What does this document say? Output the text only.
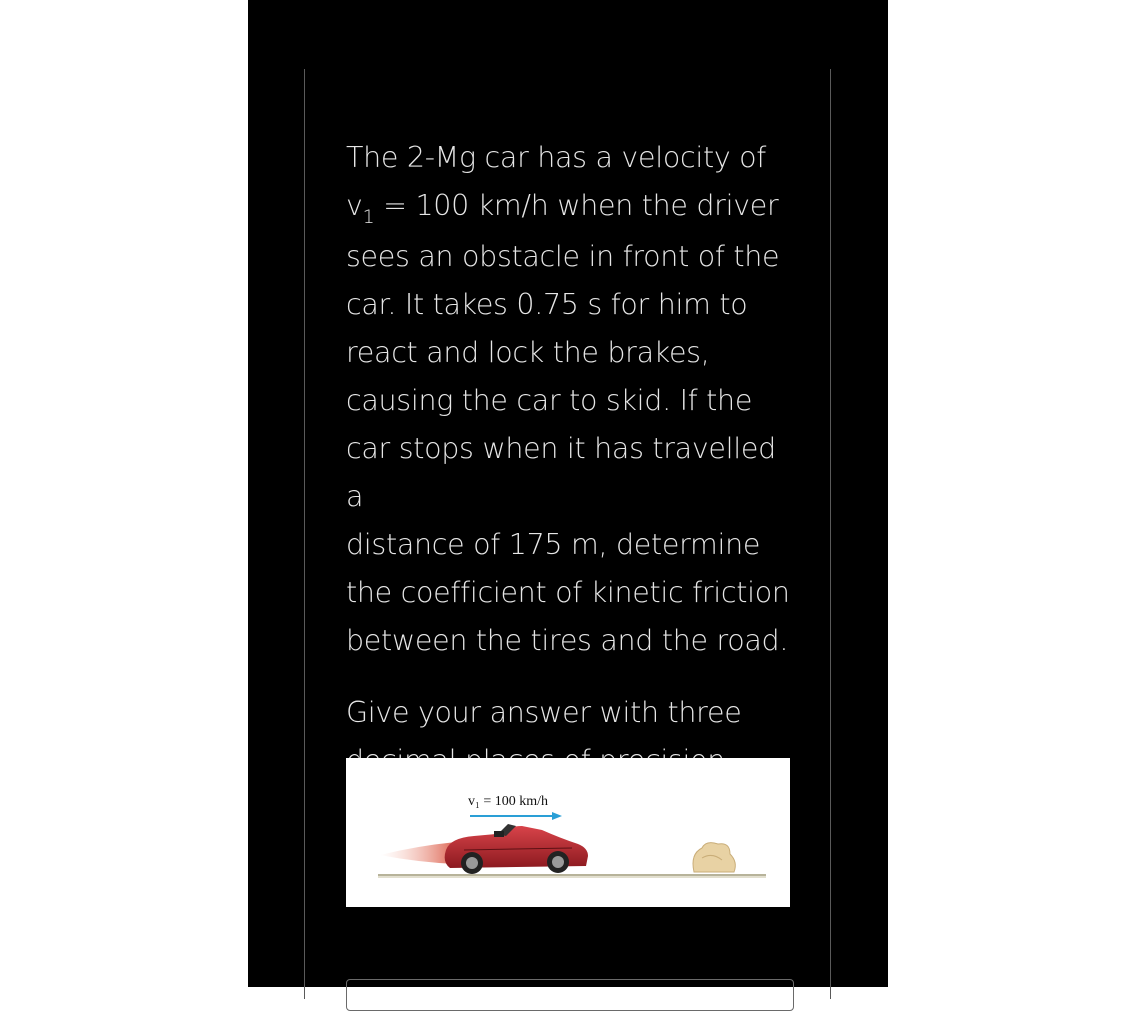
The 2-Mg car has a velocity of
$v_1 = 100$ km/h when the driver
sees an obstacle in front of the
car. It takes 0.75 s for him to
react and lock the brakes,
causing the car to skid. If the
car stops when it has travelled a
distance of 175 m, determine
the coefficient of kinetic friction
between the tires and the road.

Give your answer with three

v₁ = 100 km/h
